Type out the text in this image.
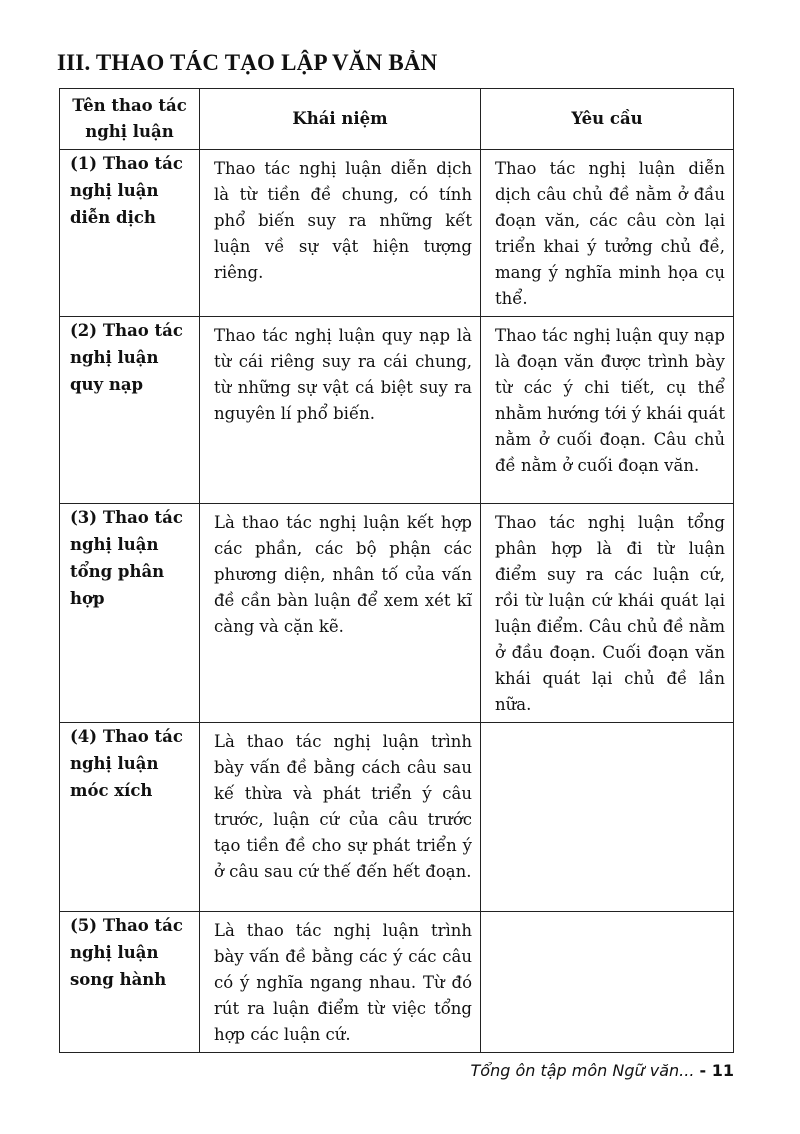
III. THAO TÁC TẠO LẬP VĂN BẢN
Tên thao tác nghị luận	Khái niệm	Yêu cầu
(1) Thao tác nghị luận diễn dịch	Thao tác nghị luận diễn dịch là từ tiền đề chung, có tính phổ biến suy ra những kết luận về sự vật hiện tượng riêng.	Thao tác nghị luận diễn dịch câu chủ đề nằm ở đầu đoạn văn, các câu còn lại triển khai ý tưởng chủ đề, mang ý nghĩa minh họa cụ thể.
(2) Thao tác nghị luận quy nạp	Thao tác nghị luận quy nạp là từ cái riêng suy ra cái chung, từ những sự vật cá biệt suy ra nguyên lí phổ biến.	Thao tác nghị luận quy nạp là đoạn văn được trình bày từ các ý chi tiết, cụ thể nhằm hướng tới ý khái quát nằm ở cuối đoạn. Câu chủ đề nằm ở cuối đoạn văn.
(3) Thao tác nghị luận tổng phân hợp	Là thao tác nghị luận kết hợp các phần, các bộ phận các phương diện, nhân tố của vấn đề cần bàn luận để xem xét kĩ càng và cặn kẽ.	Thao tác nghị luận tổng phân hợp là đi từ luận điểm suy ra các luận cứ, rồi từ luận cứ khái quát lại luận điểm. Câu chủ đề nằm ở đầu đoạn. Cuối đoạn văn khái quát lại chủ đề lần nữa.
(4) Thao tác nghị luận móc xích	Là thao tác nghị luận trình bày vấn đề bằng cách câu sau kế thừa và phát triển ý câu trước, luận cứ của câu trước tạo tiền đề cho sự phát triển ý ở câu sau cứ thế đến hết đoạn.	
(5) Thao tác nghị luận song hành	Là thao tác nghị luận trình bày vấn đề bằng các ý các câu có ý nghĩa ngang nhau. Từ đó rút ra luận điểm từ việc tổng hợp các luận cứ.	
Tổng ôn tập môn Ngữ văn... - 11
